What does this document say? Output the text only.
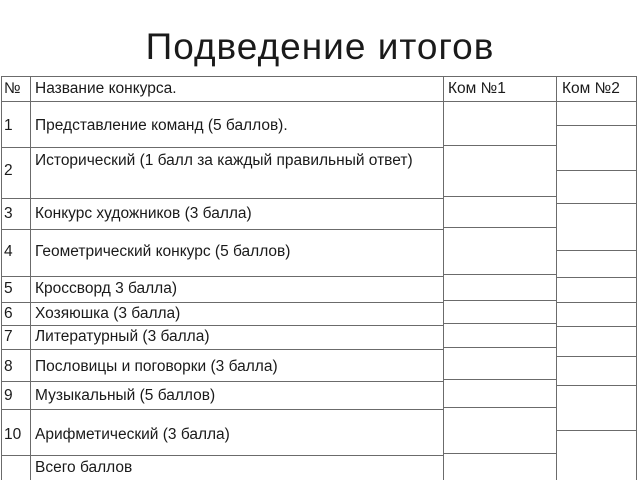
Подведение итогов
№ Название конкурса.	Ком №1	Ком №2
1
2
3
4
5
6
7
8
9
10
Представление команд (5 баллов).
Исторический (1 балл за каждый правильный ответ)
Конкурс художников (3 балла)
Геометрический конкурс (5 баллов)
Кроссворд 3 балла)
Хозяюшка (3 балла)
Литературный (3 балла)
Пословицы и поговорки (3 балла)
Музыкальный (5 баллов)
Арифметический (3 балла)
Всего баллов
